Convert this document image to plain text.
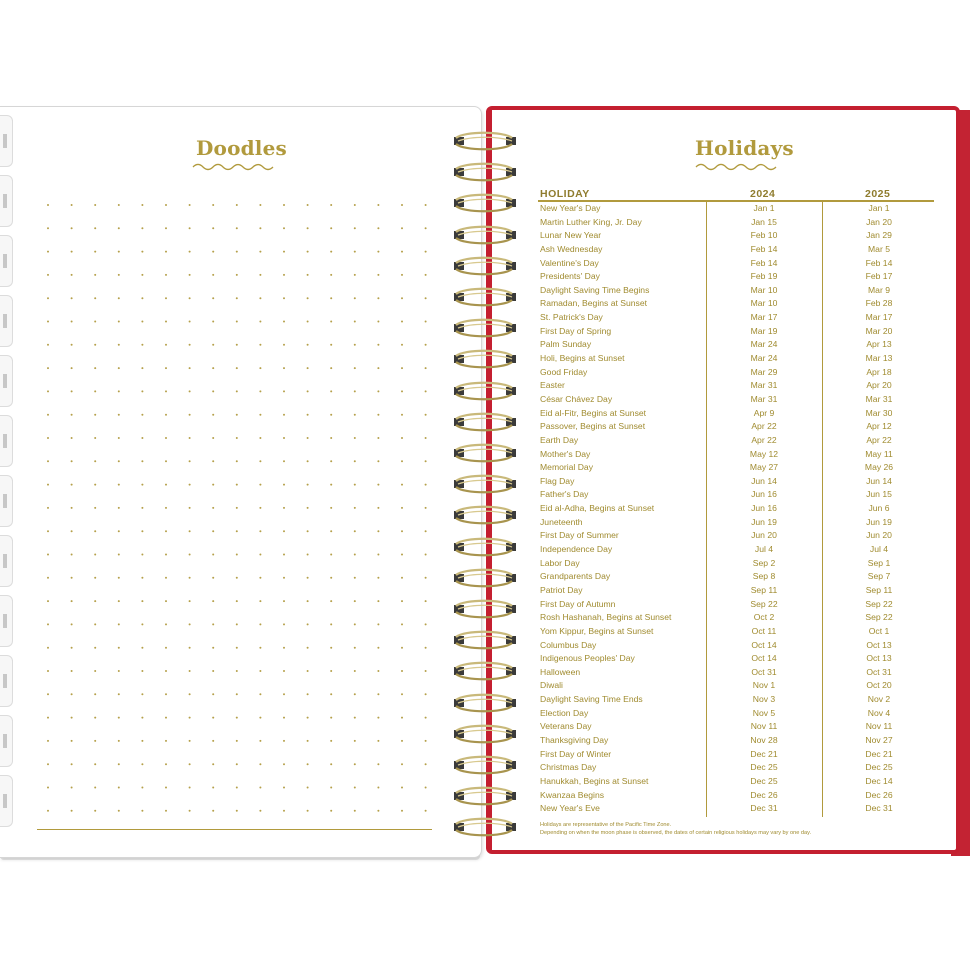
Doodles	Holidays
HOLIDAY	2024	2025
New Year's Day	Jan 1	Jan 1
Martin Luther King, Jr. Day	Jan 15	Jan 20
Lunar New Year	Feb 10	Jan 29
Ash Wednesday	Feb 14	Mar 5
Valentine's Day	Feb 14	Feb 14
Presidents' Day	Feb 19	Feb 17
Daylight Saving Time Begins	Mar 10	Mar 9
Ramadan, Begins at Sunset	Mar 10	Feb 28
St. Patrick's Day	Mar 17	Mar 17
First Day of Spring	Mar 19	Mar 20
Palm Sunday	Mar 24	Apr 13
Holi, Begins at Sunset	Mar 24	Mar 13
Good Friday	Mar 29	Apr 18
Easter	Mar 31	Apr 20
César Chávez Day	Mar 31	Mar 31
Eid al-Fitr, Begins at Sunset	Apr 9	Mar 30
Passover, Begins at Sunset	Apr 22	Apr 12
Earth Day	Apr 22	Apr 22
Mother's Day	May 12	May 11
Memorial Day	May 27	May 26
Flag Day	Jun 14	Jun 14
Father's Day	Jun 16	Jun 15
Eid al-Adha, Begins at Sunset	Jun 16	Jun 6
Juneteenth	Jun 19	Jun 19
First Day of Summer	Jun 20	Jun 20
Independence Day	Jul 4	Jul 4
Labor Day	Sep 2	Sep 1
Grandparents Day	Sep 8	Sep 7
Patriot Day	Sep 11	Sep 11
First Day of Autumn	Sep 22	Sep 22
Rosh Hashanah, Begins at Sunset	Oct 2	Sep 22
Yom Kippur, Begins at Sunset	Oct 11	Oct 1
Columbus Day	Oct 14	Oct 13
Indigenous Peoples' Day	Oct 14	Oct 13
Halloween	Oct 31	Oct 31
Diwali	Nov 1	Oct 20
Daylight Saving Time Ends	Nov 3	Nov 2
Election Day	Nov 5	Nov 4
Veterans Day	Nov 11	Nov 11
Thanksgiving Day	Nov 28	Nov 27
First Day of Winter	Dec 21	Dec 21
Christmas Day	Dec 25	Dec 25
Hanukkah, Begins at Sunset	Dec 25	Dec 14
Kwanzaa Begins	Dec 26	Dec 26
New Year's Eve	Dec 31	Dec 31
Holidays are representative of the Pacific Time Zone.
Depending on when the moon phase is observed, the dates of certain religious holidays may vary by one day.
